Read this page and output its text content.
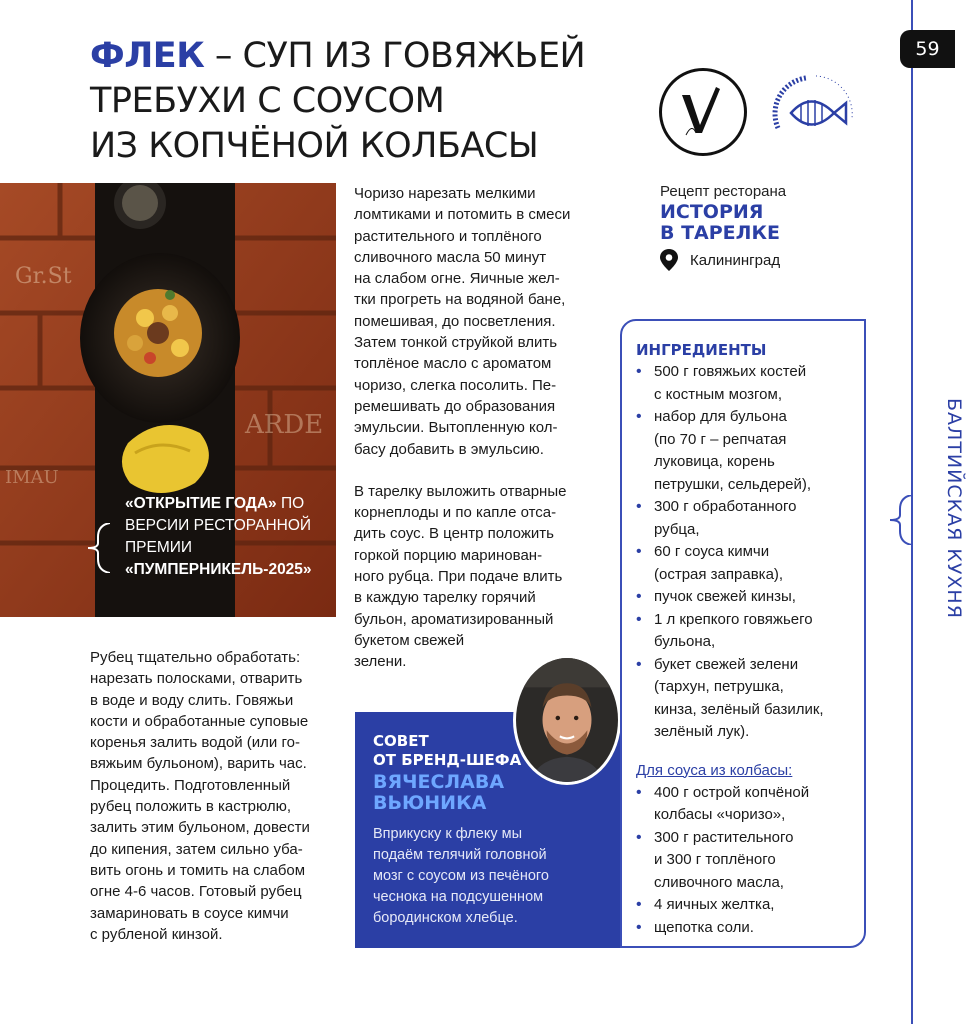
ФЛЕК – СУП ИЗ ГОВЯЖЬЕЙ
ТРЕБУХИ С СОУСОМ
ИЗ КОПЧЁНОЙ КОЛБАСЫ
59
БАЛТИЙСКАЯ КУХНЯ
Рецепт ресторана
ИСТОРИЯ
В ТАРЕЛКЕ
Калининград
Gr.St
ARDE
IMAU
«ОТКРЫТИЕ ГОДА» ПО ВЕРСИИ РЕСТОРАННОЙ ПРЕМИИ «ПУМПЕРНИКЕЛЬ-2025»
Рубец тщательно обработать:
нарезать полосками, отварить
в воде и воду слить. Говяжьи
кости и обработанные суповые
коренья залить водой (или го-
вяжьим бульоном), варить час.
Процедить. Подготовленный
рубец положить в кастрюлю,
залить этим бульоном, довести
до кипения, затем сильно уба-
вить огонь и томить на слабом
огне 4-6 часов. Готовый рубец
замариновать в соусе кимчи
с рубленой кинзой.

Чоризо нарезать мелкими
ломтиками и потомить в смеси
растительного и топлёного
сливочного масла 50 минут
на слабом огне. Яичные жел-
тки прогреть на водяной бане,
помешивая, до посветления.
Затем тонкой струйкой влить
топлёное масло с ароматом
чоризо, слегка посолить. Пе-
ремешивать до образования
эмульсии. Вытопленную кол-
басу добавить в эмульсию.

В тарелку выложить отварные
корнеплоды и по капле отса-
дить соус. В центр положить
горкой порцию маринован-
ного рубца. При подаче влить
в каждую тарелку горячий
бульон, ароматизированный
букетом свежей
зелени.

СОВЕТ
ОТ БРЕНД-ШЕФА
ВЯЧЕСЛАВА
ВЬЮНИКА
Вприкуску к флеку мы
подаём телячий головной
мозг с соусом из печёного
чеснока на подсушенном
бородинском хлебце.
ИНГРЕДИЕНТЫ
• 500 г говяжьих костей
с костным мозгом,
• набор для бульона
(по 70 г – репчатая
луковица, корень
петрушки, сельдерей),
• 300 г обработанного
рубца,
• 60 г соуса кимчи
(острая заправка),
• пучок свежей кинзы,
• 1 л крепкого говяжьего
бульона,
• букет свежей зелени
(тархун, петрушка,
кинза, зелёный базилик,
зелёный лук).
Для соуса из колбасы:
• 400 г острой копчёной
колбасы «чоризо»,
• 300 г растительного
и 300 г топлёного
сливочного масла,
• 4 яичных желтка,
• щепотка соли.
